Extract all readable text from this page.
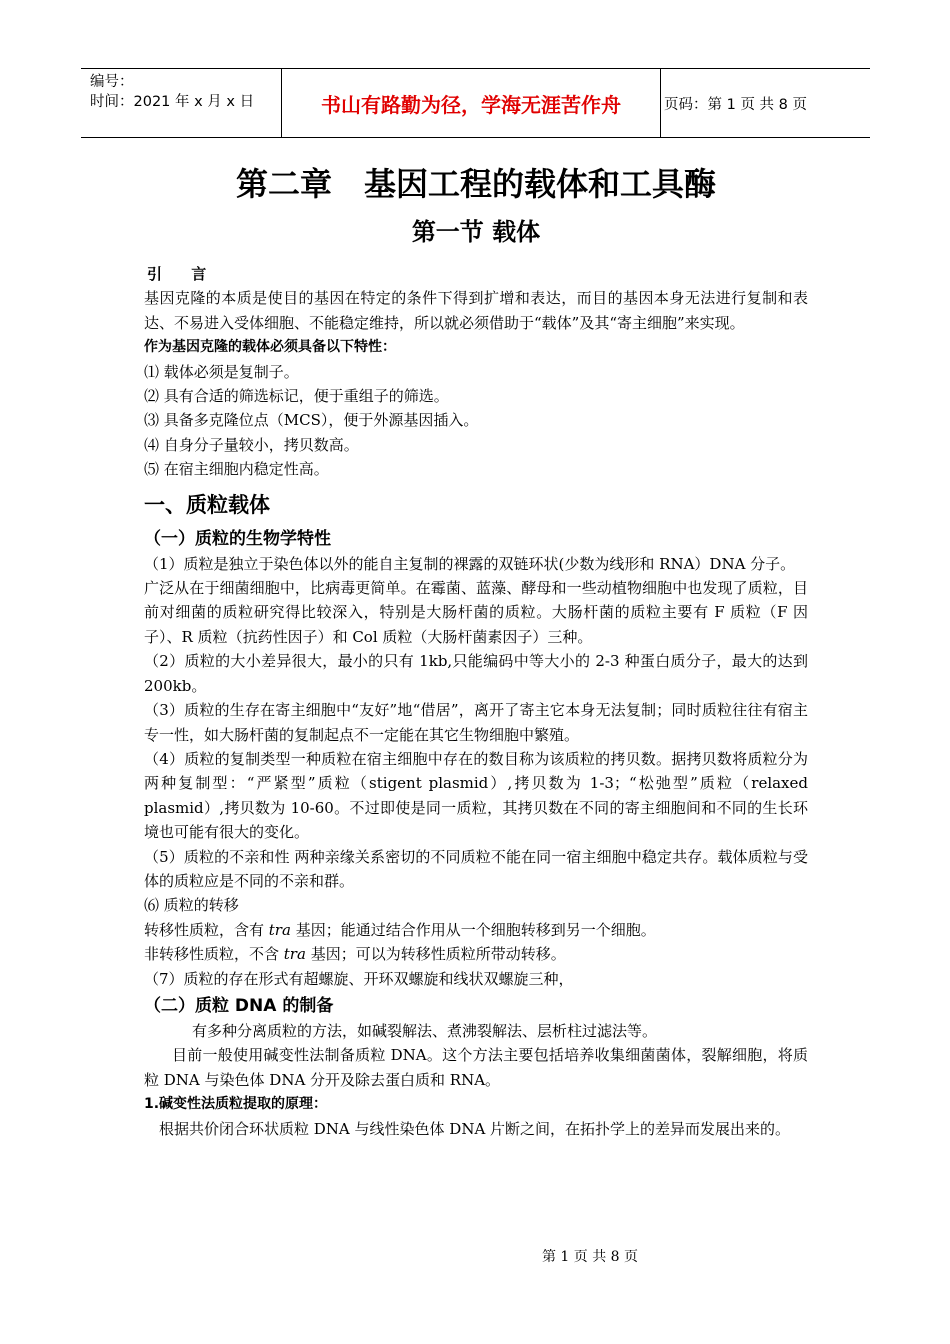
编号：
时间：2021 年 x 月 x 日	书山有路勤为径，学海无涯苦作舟	页码：第 1 页 共 8 页
第二章　基因工程的载体和工具酶
第一节 载体

引 言

基因克隆的本质是使目的基因在特定的条件下得到扩增和表达，而目的基因本身无法进行复制和表达、不易进入受体细胞、不能稳定维持，所以就必须借助于“载体”及其“寄主细胞”来实现。

作为基因克隆的载体必须具备以下特性：

⑴ 载体必须是复制子。

⑵ 具有合适的筛选标记，便于重组子的筛选。

⑶ 具备多克隆位点（MCS），便于外源基因插入。

⑷ 自身分子量较小，拷贝数高。

⑸ 在宿主细胞内稳定性高。

一、质粒载体

（一）质粒的生物学特性

（1）质粒是独立于染色体以外的能自主复制的裸露的双链环状(少数为线形和 RNA）DNA 分子。

广泛从在于细菌细胞中，比病毒更简单。在霉菌、蓝藻、酵母和一些动植物细胞中也发现了质粒，目前对细菌的质粒研究得比较深入，特别是大肠杆菌的质粒。大肠杆菌的质粒主要有 F 质粒（F 因子）、R 质粒（抗药性因子）和 Col 质粒（大肠杆菌素因子）三种。

（2）质粒的大小差异很大，最小的只有 1kb,只能编码中等大小的 2-3 种蛋白质分子，最大的达到 200kb。

（3）质粒的生存在寄主细胞中“友好”地“借居”，离开了寄主它本身无法复制；同时质粒往往有宿主专一性，如大肠杆菌的复制起点不一定能在其它生物细胞中繁殖。

（4）质粒的复制类型一种质粒在宿主细胞中存在的数目称为该质粒的拷贝数。据拷贝数将质粒分为两种复制型：“严紧型”质粒（stigent plasmid）,拷贝数为 1-3；“松弛型”质粒（relaxed plasmid）,拷贝数为 10-60。不过即使是同一质粒，其拷贝数在不同的寄主细胞间和不同的生长环境也可能有很大的变化。

（5）质粒的不亲和性 两种亲缘关系密切的不同质粒不能在同一宿主细胞中稳定共存。载体质粒与受体的质粒应是不同的不亲和群。

⑹ 质粒的转移

转移性质粒，含有 tra 基因；能通过结合作用从一个细胞转移到另一个细胞。

非转移性质粒，不含 tra 基因；可以为转移性质粒所带动转移。

（7）质粒的存在形式有超螺旋、开环双螺旋和线状双螺旋三种，

（二）质粒 DNA 的制备

有多种分离质粒的方法，如碱裂解法、煮沸裂解法、层析柱过滤法等。

目前一般使用碱变性法制备质粒 DNA。这个方法主要包括培养收集细菌菌体，裂解细胞，将质粒 DNA 与染色体 DNA 分开及除去蛋白质和 RNA。

1.碱变性法质粒提取的原理：

根据共价闭合环状质粒 DNA 与线性染色体 DNA 片断之间，在拓扑学上的差异而发展出来的。

第 1 页 共 8 页
